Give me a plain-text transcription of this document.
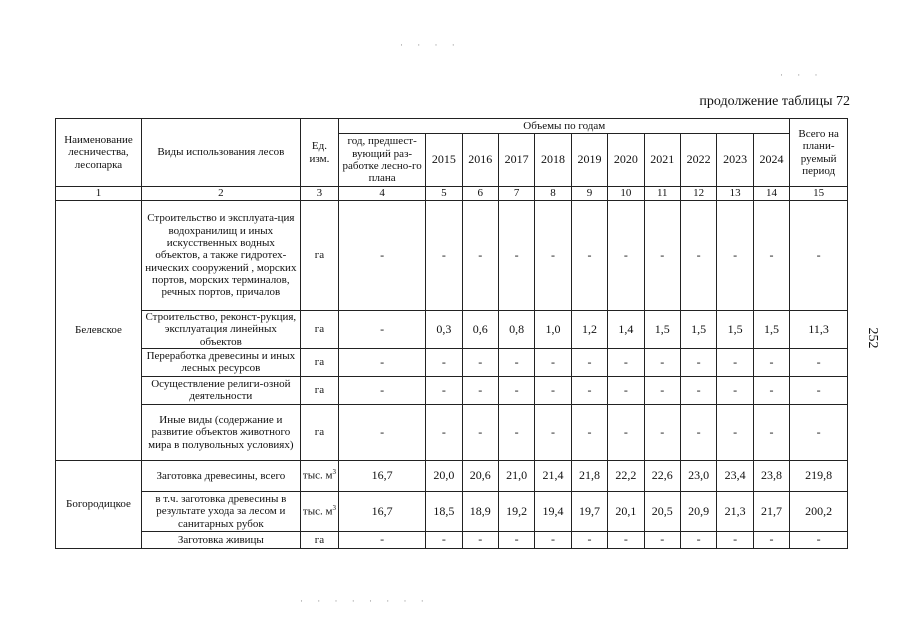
продолжение таблицы 72
252
· · · ·
· · ·
· · · · · · · ·
Наименование лесничества, лесопарка	Виды использования лесов	Ед. изм.	Объемы по годам											Всего на плани-руемый период
			год, предшест-вующий раз-работке лесно-го плана	2015	2016	2017	2018	2019	2020	2021	2022	2023	2024	
1	2	3	4	5	6	7	8	9	10	11	12	13	14	15
Белевское	Строительство и эксплуата-ция водохранилищ и иных искусственных водных объектов, а также гидротех-нических сооружений , морских портов, морских терминалов, речных портов, причалов	га	-	-	-	-	-	-	-	-	-	-	-	-
	Строительство, реконст-рукция, эксплуатация линейных объектов	га	-	0,3	0,6	0,8	1,0	1,2	1,4	1,5	1,5	1,5	1,5	11,3
	Переработка древесины и иных лесных ресурсов	га	-	-	-	-	-	-	-	-	-	-	-	-
	Осуществление религи-озной деятельности	га	-	-	-	-	-	-	-	-	-	-	-	-
	Иные виды (содержание и развитие объектов животного мира в полувольных условиях)	га	-	-	-	-	-	-	-	-	-	-	-	-
Богородицкое	Заготовка древесины, всего	тыс. $м^3$	16,7	20,0	20,6	21,0	21,4	21,8	22,2	22,6	23,0	23,4	23,8	219,8
	в т.ч. заготовка древесины в результате ухода за лесом и санитарных рубок	тыс. $м^3$	16,7	18,5	18,9	19,2	19,4	19,7	20,1	20,5	20,9	21,3	21,7	200,2
	Заготовка живицы	га	-	-	-	-	-	-	-	-	-	-	-	-
